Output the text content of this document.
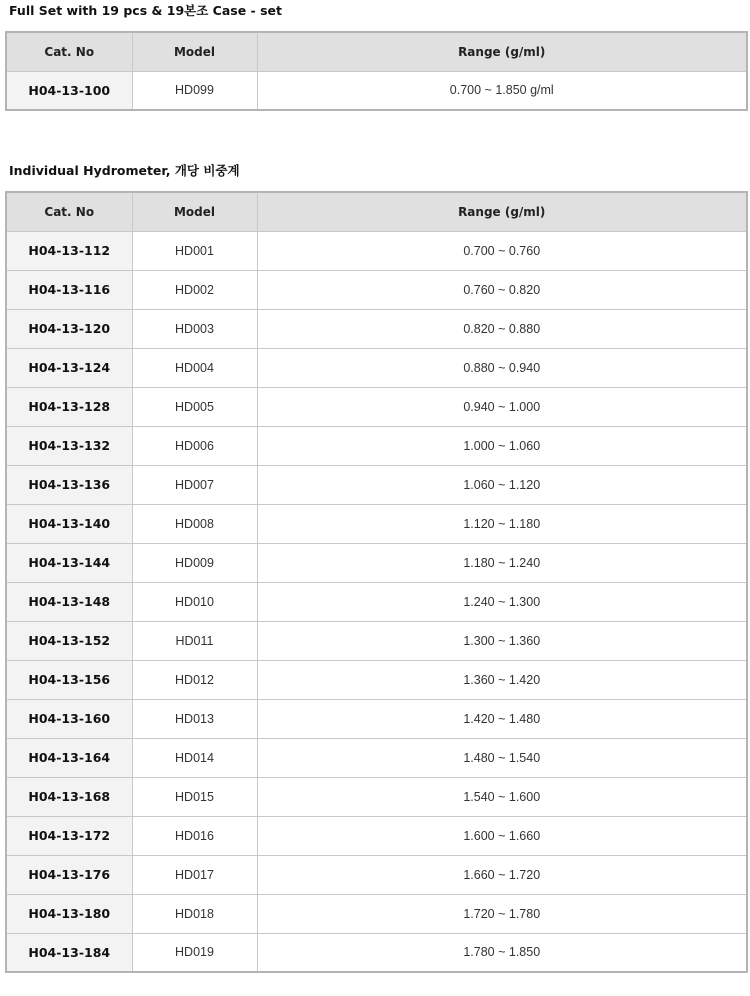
Full Set with 19 pcs & 19본조 Case - set
Cat. No	Model	Range (g/ml)
H04-13-100	HD099	0.700 ~ 1.850 g/ml
Individual Hydrometer, 개당 비중계
Cat. No	Model	Range (g/ml)
H04-13-112	HD001	0.700 ~ 0.760
H04-13-116	HD002	0.760 ~ 0.820
H04-13-120	HD003	0.820 ~ 0.880
H04-13-124	HD004	0.880 ~ 0.940
H04-13-128	HD005	0.940 ~ 1.000
H04-13-132	HD006	1.000 ~ 1.060
H04-13-136	HD007	1.060 ~ 1.120
H04-13-140	HD008	1.120 ~ 1.180
H04-13-144	HD009	1.180 ~ 1.240
H04-13-148	HD010	1.240 ~ 1.300
H04-13-152	HD011	1.300 ~ 1.360
H04-13-156	HD012	1.360 ~ 1.420
H04-13-160	HD013	1.420 ~ 1.480
H04-13-164	HD014	1.480 ~ 1.540
H04-13-168	HD015	1.540 ~ 1.600
H04-13-172	HD016	1.600 ~ 1.660
H04-13-176	HD017	1.660 ~ 1.720
H04-13-180	HD018	1.720 ~ 1.780
H04-13-184	HD019	1.780 ~ 1.850
